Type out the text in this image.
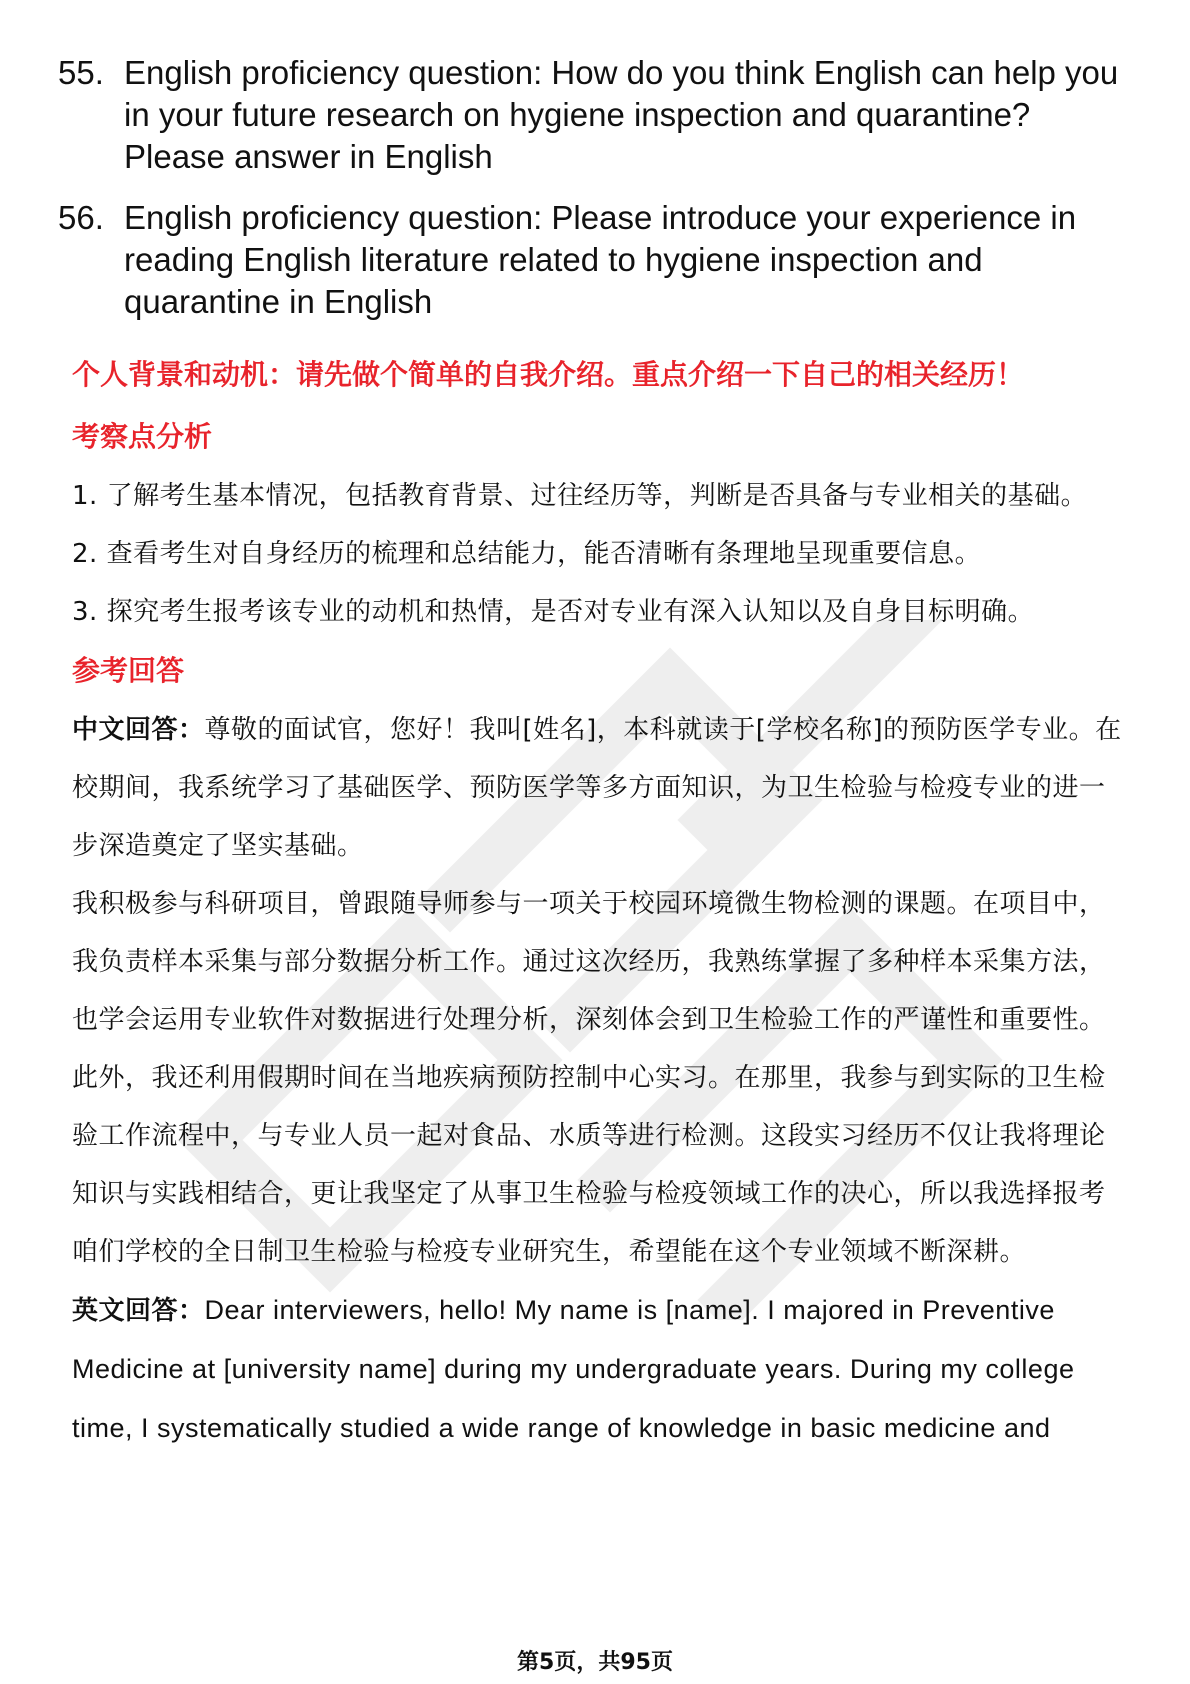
55. English proficiency question: How do you think English can help you in your future research on hygiene inspection and quarantine? Please answer in English
56. English proficiency question: Please introduce your experience in reading English literature related to hygiene inspection and quarantine in English

个人背景和动机：请先做个简单的自我介绍。重点介绍一下自己的相关经历！

考察点分析

1. 了解考生基本情况，包括教育背景、过往经历等，判断是否具备与专业相关的基础。

2. 查看考生对自身经历的梳理和总结能力，能否清晰有条理地呈现重要信息。

3. 探究考生报考该专业的动机和热情，是否对专业有深入认知以及自身目标明确。

参考回答

中文回答：尊敬的面试官，您好！我叫[姓名]，本科就读于[学校名称]的预防医学专业。在校期间，我系统学习了基础医学、预防医学等多方面知识，为卫生检验与检疫专业的进一步深造奠定了坚实基础。

我积极参与科研项目，曾跟随导师参与一项关于校园环境微生物检测的课题。在项目中，我负责样本采集与部分数据分析工作。通过这次经历，我熟练掌握了多种样本采集方法，也学会运用专业软件对数据进行处理分析，深刻体会到卫生检验工作的严谨性和重要性。

此外，我还利用假期时间在当地疾病预防控制中心实习。在那里，我参与到实际的卫生检验工作流程中，与专业人员一起对食品、水质等进行检测。这段实习经历不仅让我将理论知识与实践相结合，更让我坚定了从事卫生检验与检疫领域工作的决心，所以我选择报考咱们学校的全日制卫生检验与检疫专业研究生，希望能在这个专业领域不断深耕。

英文回答：Dear interviewers, hello! My name is [name]. I majored in Preventive Medicine at [university name] during my undergraduate years. During my college time, I systematically studied a wide range of knowledge in basic medicine and

第5页，共95页
